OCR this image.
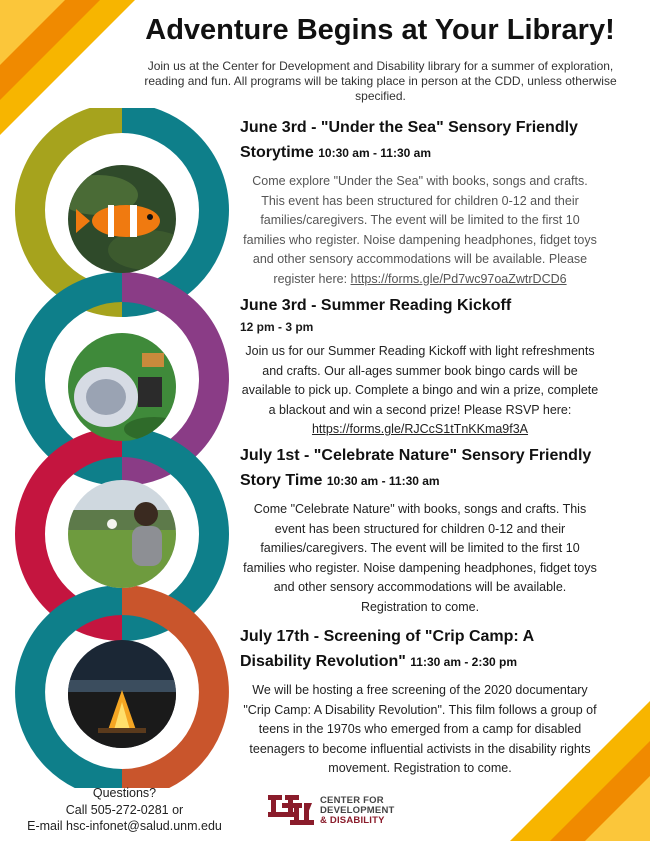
Adventure Begins at Your Library!
Join us at the Center for Development and Disability library for a summer of exploration, reading and fun. All programs will be taking place in person at the CDD, unless otherwise specified.
June 3rd - "Under the Sea" Sensory Friendly Storytime 10:30 am - 11:30 am

Come explore "Under the Sea" with books, songs and crafts. This event has been structured for children 0-12 and their families/caregivers. The event will be limited to the first 10 families who register. Noise dampening headphones, fidget toys and other sensory accommodations will be available. Please register here: https://forms.gle/Pd7wc97oaZwtrDCD6

June 3rd - Summer Reading Kickoff
12 pm - 3 pm

Join us for our Summer Reading Kickoff with light refreshments and crafts. Our all-ages summer book bingo cards will be available to pick up. Complete a bingo and win a prize, complete a blackout and win a second prize! Please RSVP here: https://forms.gle/RJCcS1tTnKKma9f3A

July 1st - "Celebrate Nature" Sensory Friendly Story Time 10:30 am - 11:30 am

Come "Celebrate Nature" with books, songs and crafts. This event has been structured for children 0-12 and their families/caregivers. The event will be limited to the first 10 families who register. Noise dampening headphones, fidget toys and other sensory accommodations will be available. Registration to come.

July 17th - Screening of "Crip Camp: A Disability Revolution" 11:30 am - 2:30 pm

We will be hosting a free screening of the 2020 documentary "Crip Camp: A Disability Revolution". This film follows a group of teens in the 1970s who emerged from a camp for disabled teenagers to become influential activists in the disability rights movement. Registration to come.

Questions?
Call 505-272-0281 or
E-mail hsc-infonet@salud.unm.edu
CENTER FOR
DEVELOPMENT
& DISABILITY
